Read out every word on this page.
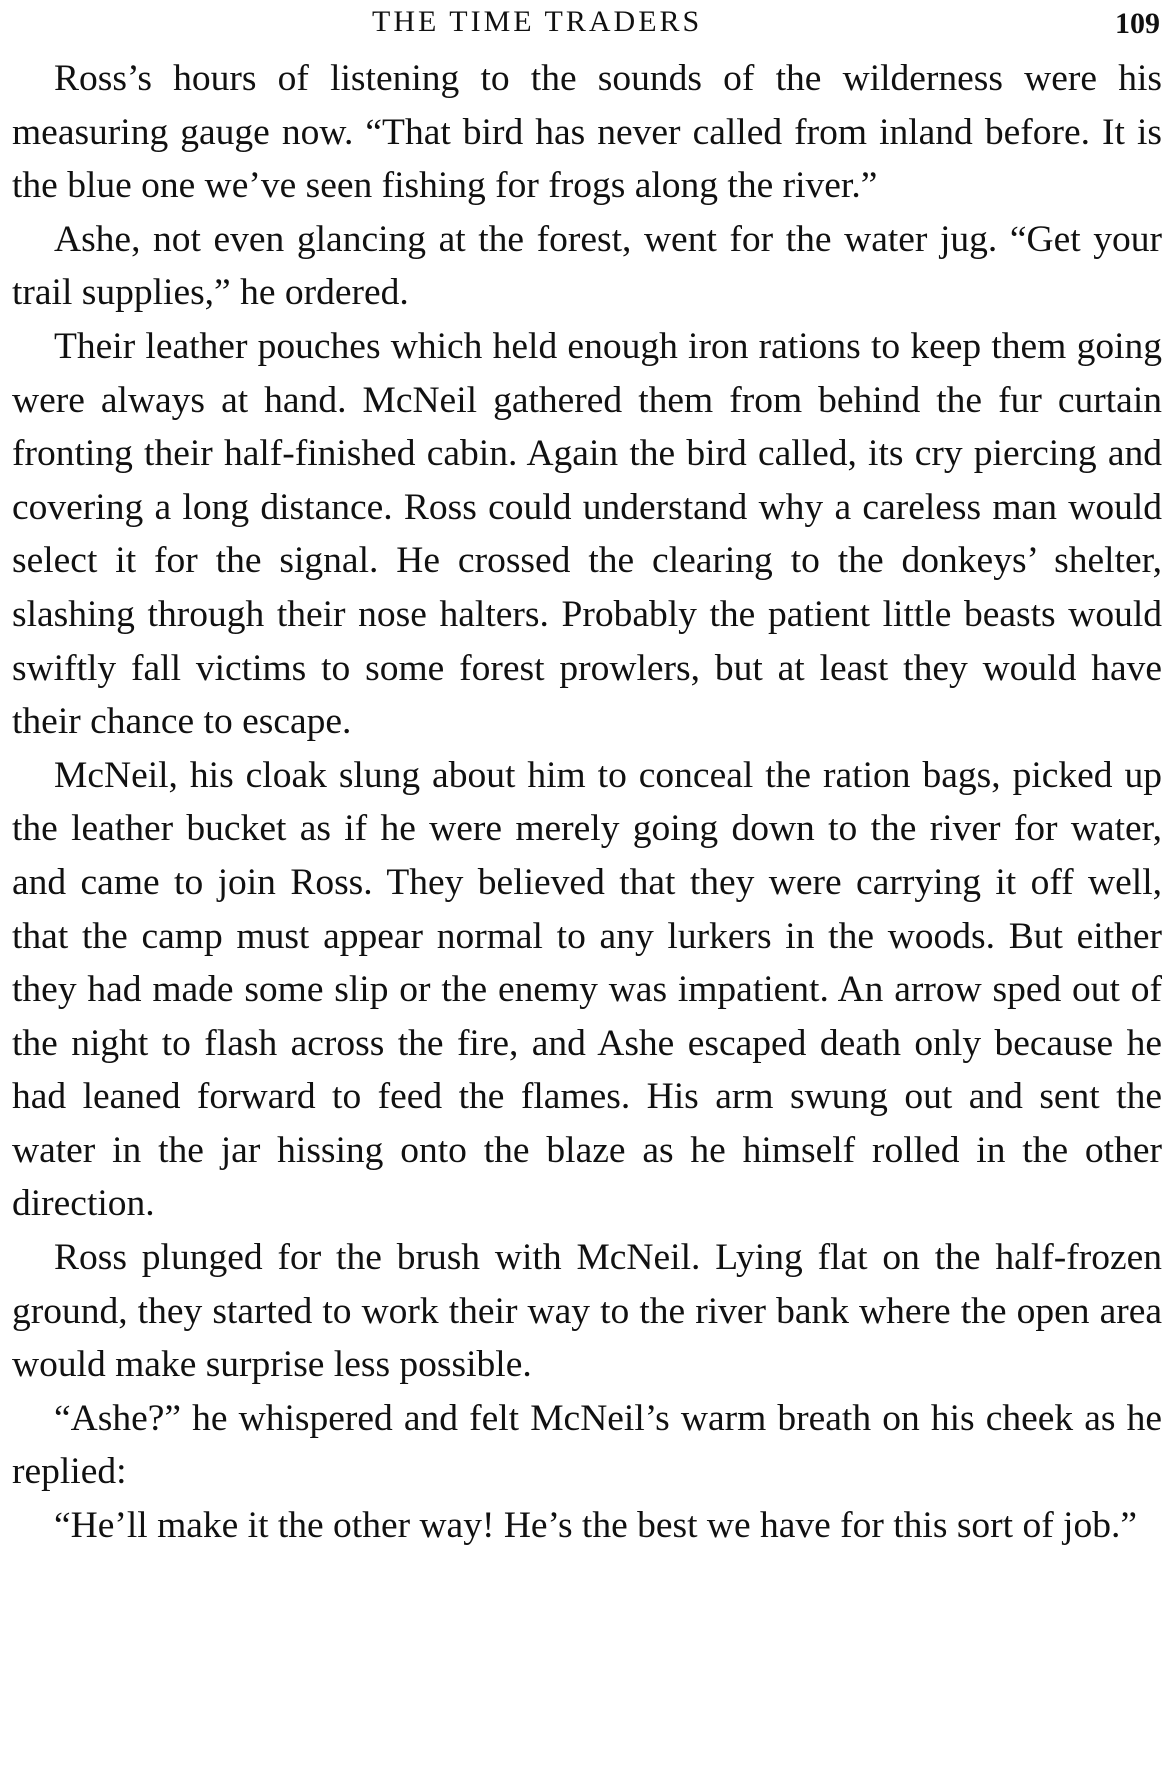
THE TIME TRADERS	109

Ross’s hours of listening to the sounds of the wilderness were his measuring gauge now. “That bird has never called from inland before. It is the blue one we’ve seen fishing for frogs along the river.”

Ashe, not even glancing at the forest, went for the water jug. “Get your trail supplies,” he ordered.

Their leather pouches which held enough iron rations to keep them going were always at hand. McNeil gathered them from behind the fur curtain fronting their half-finished cabin. Again the bird called, its cry piercing and covering a long distance. Ross could understand why a careless man would select it for the signal. He crossed the clearing to the donkeys’ shelter, slashing through their nose halters. Probably the patient little beasts would swiftly fall victims to some forest prowlers, but at least they would have their chance to escape.

McNeil, his cloak slung about him to conceal the ration bags, picked up the leather bucket as if he were merely going down to the river for water, and came to join Ross. They believed that they were carrying it off well, that the camp must appear normal to any lurkers in the woods. But either they had made some slip or the enemy was impatient. An arrow sped out of the night to flash across the fire, and Ashe escaped death only because he had leaned forward to feed the flames. His arm swung out and sent the water in the jar hissing onto the blaze as he himself rolled in the other direction.

Ross plunged for the brush with McNeil. Lying flat on the half-frozen ground, they started to work their way to the river bank where the open area would make surprise less possible.

“Ashe?” he whispered and felt McNeil’s warm breath on his cheek as he replied:

“He’ll make it the other way! He’s the best we have for this sort of job.”
